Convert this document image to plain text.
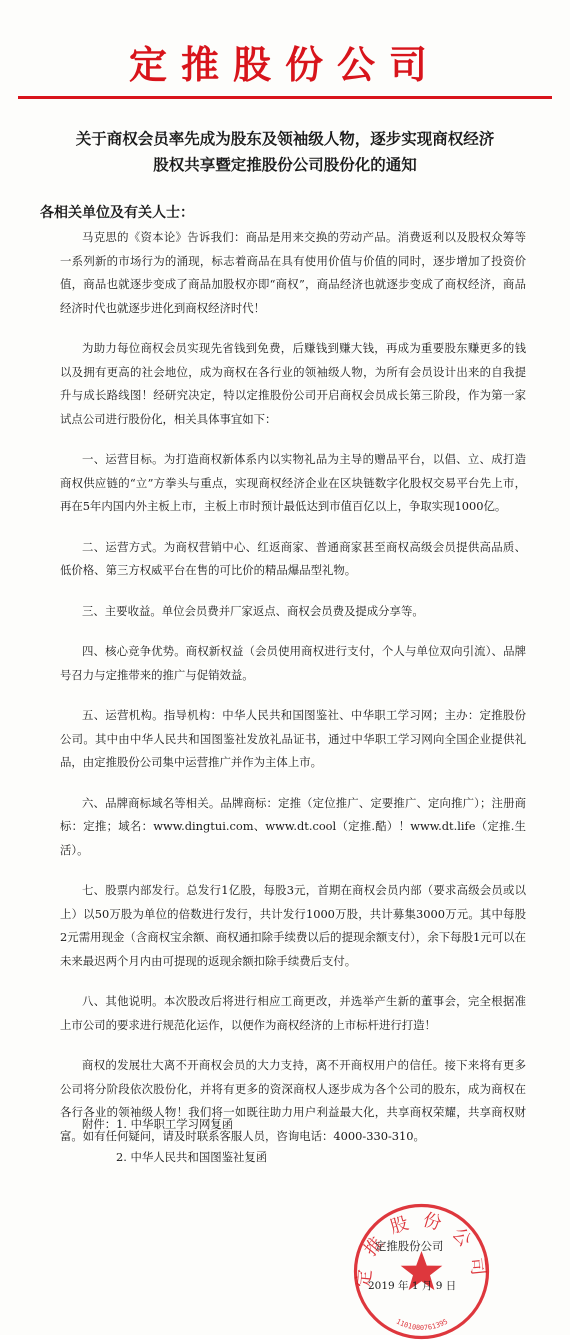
定推股份公司
关于商权会员率先成为股东及领袖级人物，逐步实现商权经济
股权共享暨定推股份公司股份化的通知
各相关单位及有关人士：

马克思的《资本论》告诉我们：商品是用来交换的劳动产品。消费返利以及股权众筹等一系列新的市场行为的涌现，标志着商品在具有使用价值与价值的同时，逐步增加了投资价值，商品也就逐步变成了商品加股权亦即“商权”，商品经济也就逐步变成了商权经济，商品经济时代也就逐步进化到商权经济时代！

为助力每位商权会员实现先省钱到免费，后赚钱到赚大钱，再成为重要股东赚更多的钱以及拥有更高的社会地位，成为商权在各行业的领袖级人物，为所有会员设计出来的自我提升与成长路线图！经研究决定，特以定推股份公司开启商权会员成长第三阶段，作为第一家试点公司进行股份化，相关具体事宜如下：

一、运营目标。为打造商权新体系内以实物礼品为主导的赠品平台，以倡、立、成打造商权供应链的“立”方拳头与重点，实现商权经济企业在区块链数字化股权交易平台先上市，再在5年内国内外主板上市，主板上市时预计最低达到市值百亿以上，争取实现1000亿。

二、运营方式。为商权营销中心、红返商家、普通商家甚至商权高级会员提供高品质、低价格、第三方权威平台在售的可比价的精品爆品型礼物。

三、主要收益。单位会员费并厂家返点、商权会员费及提成分享等。

四、核心竞争优势。商权新权益（会员使用商权进行支付，个人与单位双向引流）、品牌号召力与定推带来的推广与促销效益。

五、运营机构。指导机构：中华人民共和国图鉴社、中华职工学习网；主办：定推股份公司。其中由中华人民共和国图鉴社发放礼品证书，通过中华职工学习网向全国企业提供礼品，由定推股份公司集中运营推广并作为主体上市。

六、品牌商标域名等相关。品牌商标：定推（定位推广、定要推广、定向推广）；注册商标：定推；域名：www.dingtui.com、www.dt.cool（定推.酷）！www.dt.life（定推.生活）。

七、股票内部发行。总发行1亿股，每股3元，首期在商权会员内部（要求高级会员或以上）以50万股为单位的倍数进行发行，共计发行1000万股，共计募集3000万元。其中每股2元需用现金（含商权宝余额、商权通扣除手续费以后的提现余额支付），余下每股1元可以在未来最迟两个月内由可提现的返现余额扣除手续费后支付。

八、其他说明。本次股改后将进行相应工商更改，并选举产生新的董事会，完全根据准上市公司的要求进行规范化运作，以便作为商权经济的上市标杆进行打造！

商权的发展壮大离不开商权会员的大力支持，离不开商权用户的信任。接下来将有更多公司将分阶段依次股份化，并将有更多的资深商权人逐步成为各个公司的股东，成为商权在各行各业的领袖级人物！我们将一如既往助力用户利益最大化，共享商权荣耀，共享商权财富。如有任何疑问，请及时联系客服人员，咨询电话：4000-330-310。

附件：1. 中华职工学习网复函
2. 中华人民共和国图鉴社复函
定推股份公司
1101080761395
定推股份公司
2019 年 1 月 9 日
